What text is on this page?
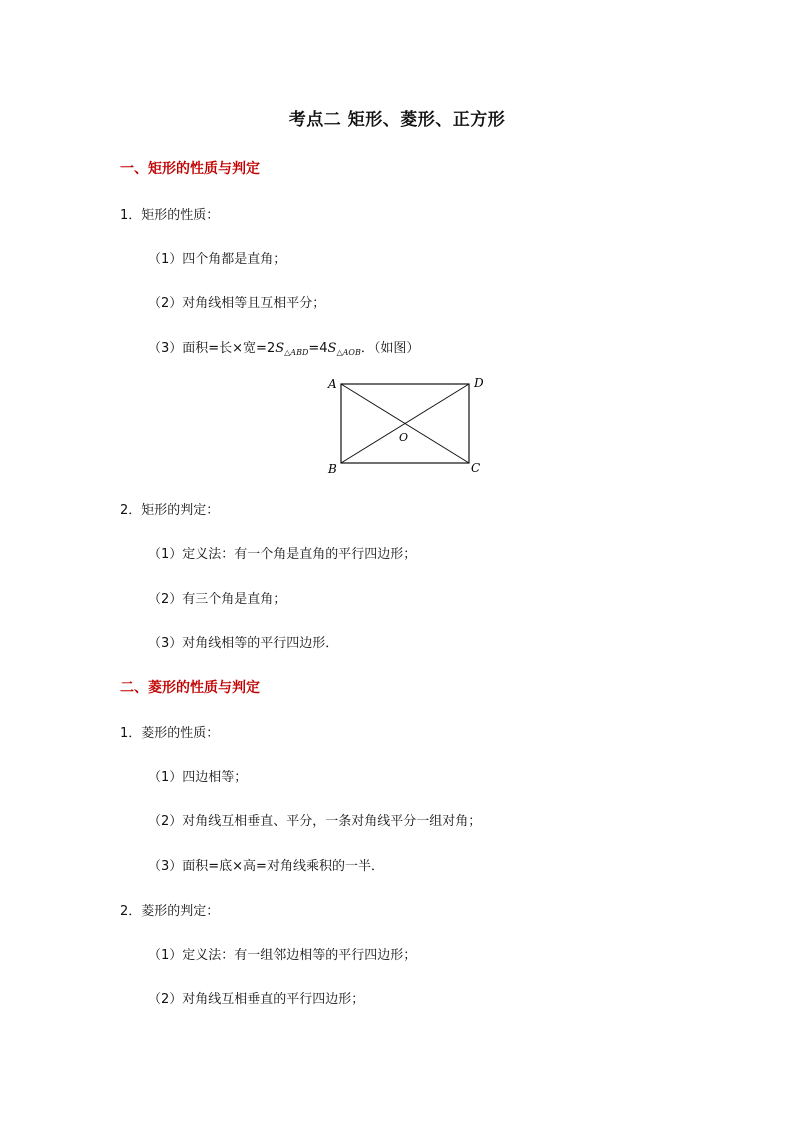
考点二 矩形、菱形、正方形
一、矩形的性质与判定
1．矩形的性质：
（1）四个角都是直角；
（2）对角线相等且互相平分；
（3）面积=长×宽$=2S_{\triangle ABD}=4S_{\triangle AOB}$．（如图）
A	D
B	C
O
2．矩形的判定：
（1）定义法：有一个角是直角的平行四边形；
（2）有三个角是直角；
（3）对角线相等的平行四边形．
二、菱形的性质与判定
1．菱形的性质：
（1）四边相等；
（2）对角线互相垂直、平分，一条对角线平分一组对角；
（3）面积=底×高=对角线乘积的一半．
2．菱形的判定：
（1）定义法：有一组邻边相等的平行四边形；
（2）对角线互相垂直的平行四边形；
